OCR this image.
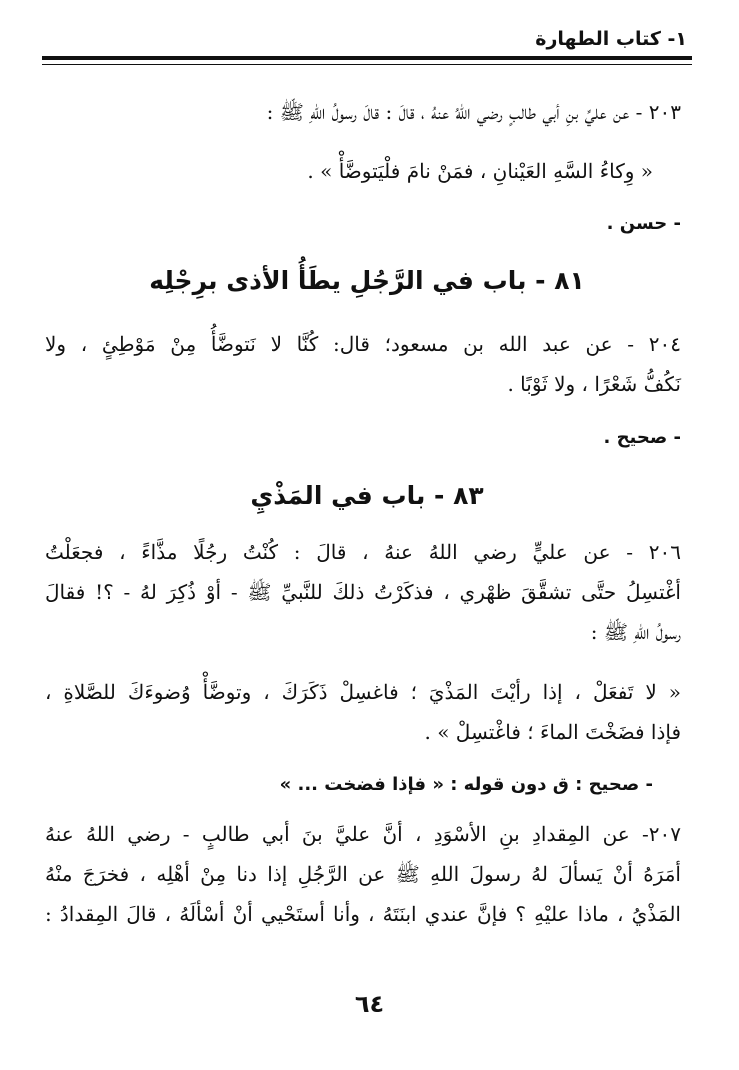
١- كتاب الطهارة
٢٠٣ - عن عليِّ بنِ أبي طالبٍ رضي اللهُ عنهُ ، قالَ : قالَ رسولُ اللهِ ﷺ :
« وِكاءُ السَّهِ العَيْنانِ ، فمَنْ نامَ فلْيَتوضَّأْ » .
- حسن .
٨١ - باب في الرَّجُلِ يطَأُ الأذى برِجْلِه
٢٠٤ - عن عبد الله بن مسعود؛ قال: كُنَّا لا نَتوضَّأُ مِنْ مَوْطِئٍ ، ولا
نَكُفُّ شَعْرًا ، ولا ثَوْبًا .
- صحيح .
٨٣ - باب في المَذْيِ
٢٠٦ - عن عليٍّ رضي اللهُ عنهُ ، قالَ : كُنْتُ رجُلًا مذَّاءً ، فجعَلْتُ
أغْتسِلُ حتَّى تشقَّقَ ظهْري ، فذكَرْتُ ذلكَ للنَّبيِّ ﷺ - أوْ ذُكِرَ لهُ - ؟! فقالَ
رسولُ اللهِ ﷺ :
« لا تَفعَلْ ، إذا رأيْتَ المَذْيَ ؛ فاغسِلْ ذَكَرَكَ ، وتوضَّأْ وُضوءَكَ للصَّلاةِ ،
فإذا فضَخْتَ الماءَ ؛ فاغْتسِلْ » .
- صحيح : ق دون قوله : « فإذا فضخت ... »
٢٠٧- عن المِقدادِ بنِ الأسْوَدِ ، أنَّ عليَّ بنَ أبي طالبٍ - رضي اللهُ عنهُ
أمَرَهُ أنْ يَسألَ لهُ رسولَ اللهِ ﷺ عن الرَّجُلِ إذا دنا مِنْ أهْلِه ، فخرَجَ منْهُ
المَذْيُ ، ماذا عليْهِ ؟ فإنَّ عندي ابنَتَهُ ، وأنا أستَحْيي أنْ أسْألَهُ ، قالَ المِقدادُ :
٦٤
